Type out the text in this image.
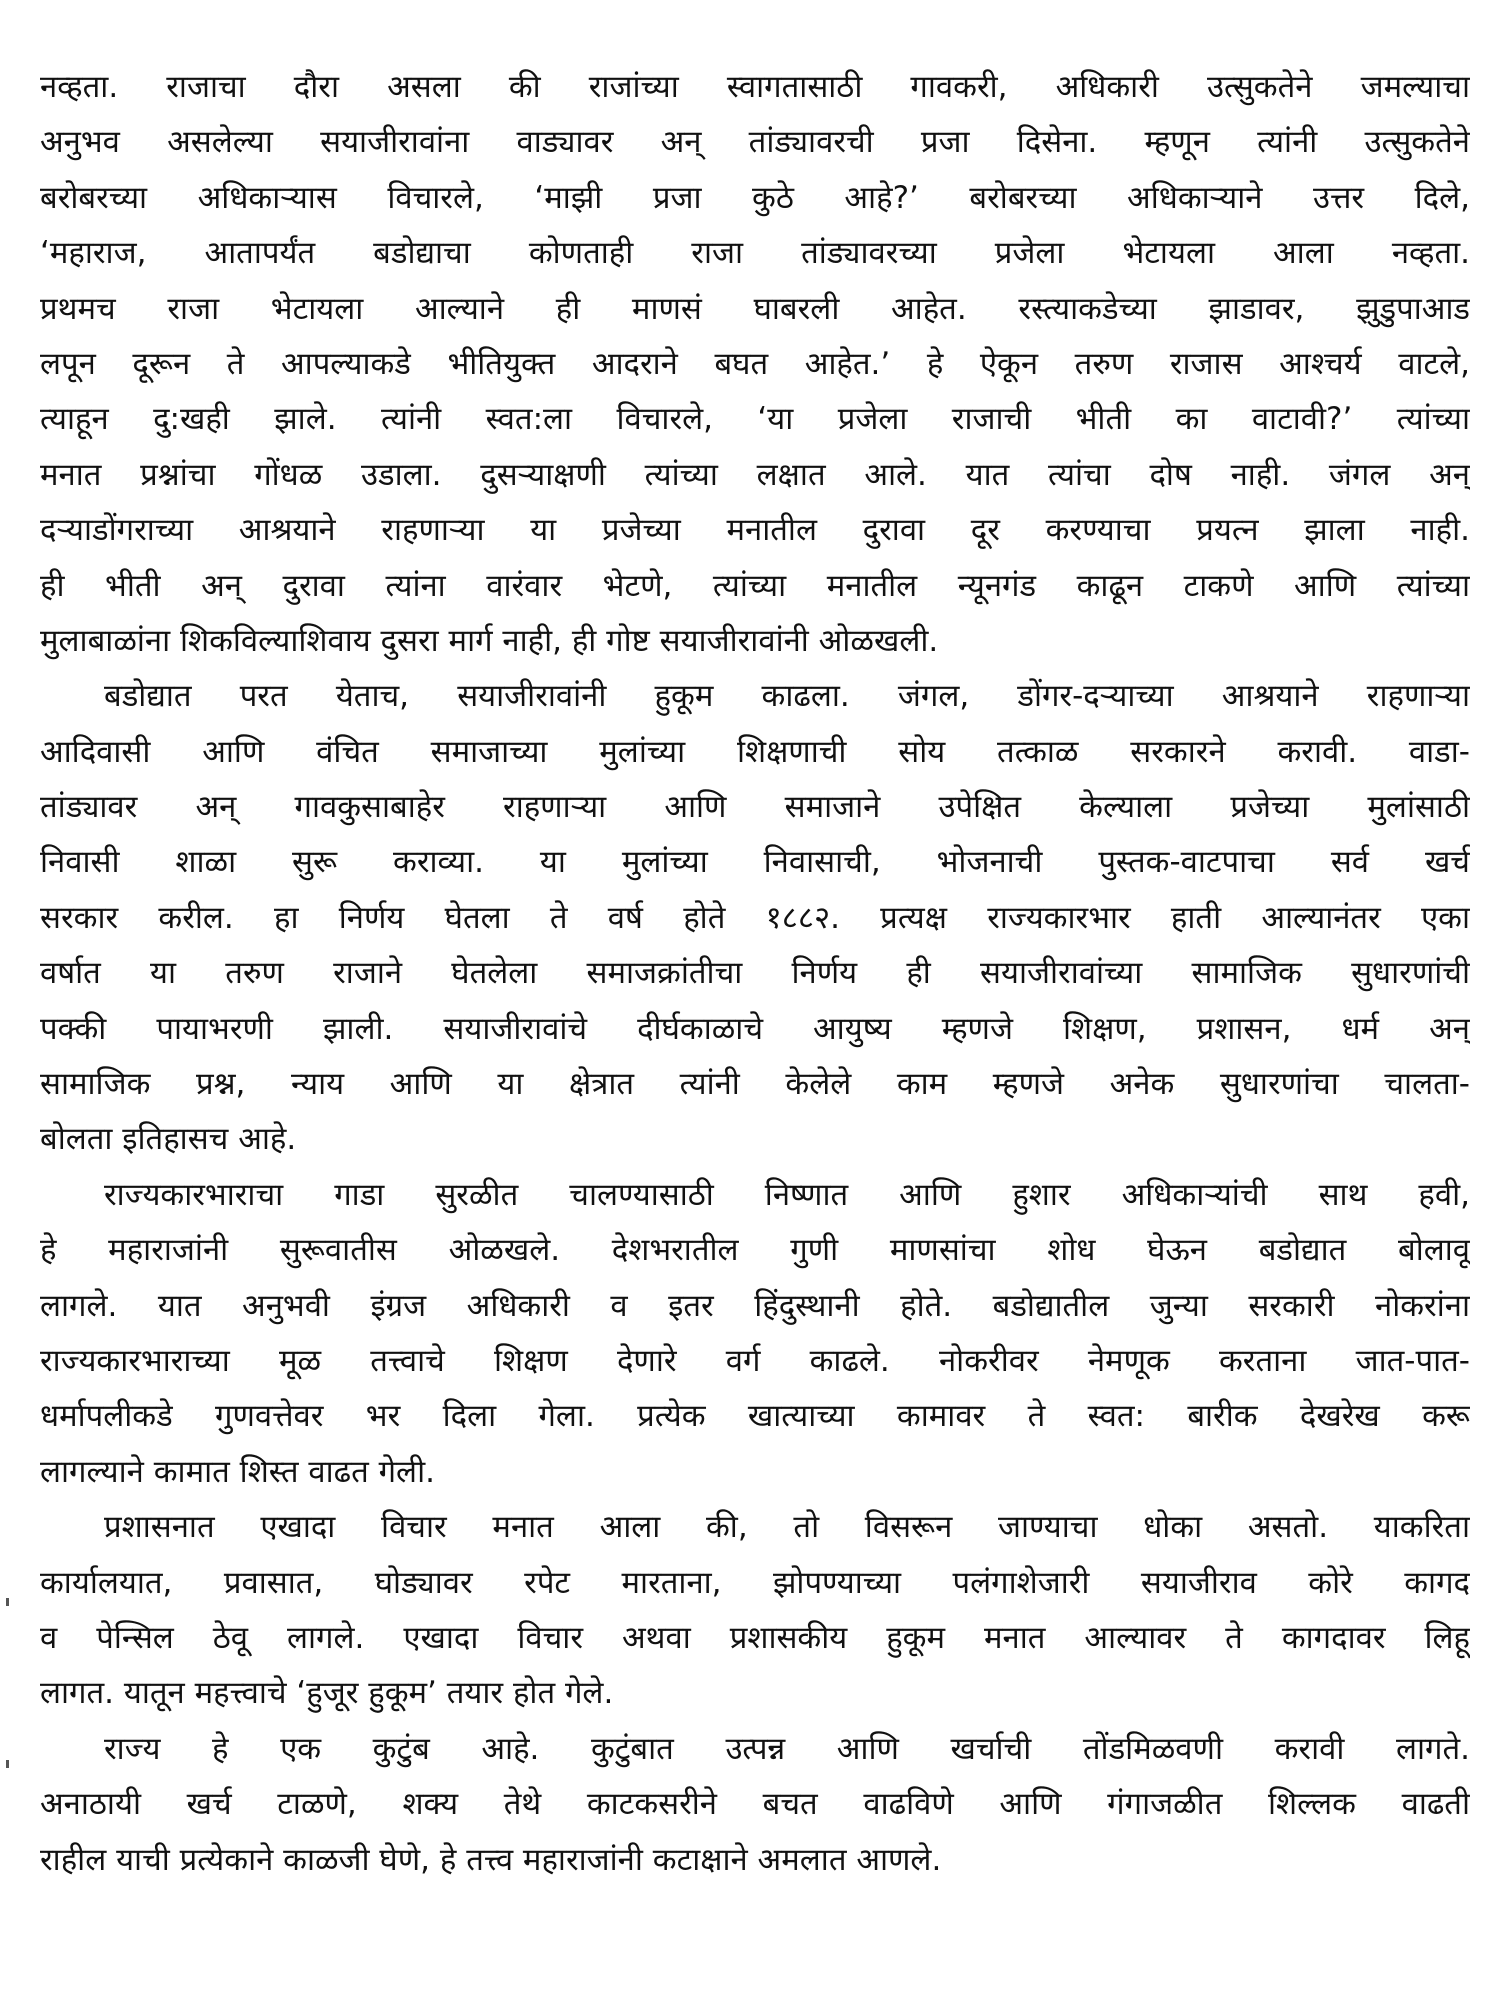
नव्हता. राजाचा दौरा असला की राजांच्या स्वागतासाठी गावकरी, अधिकारी उत्सुकतेने जमल्याचा
अनुभव असलेल्या सयाजीरावांना वाड्यावर अन् तांड्यावरची प्रजा दिसेना. म्हणून त्यांनी उत्सुकतेने
बरोबरच्या अधिकाऱ्यास विचारले, ‘माझी प्रजा कुठे आहे?’ बरोबरच्या अधिकाऱ्याने उत्तर दिले,
‘महाराज, आतापर्यंत बडोद्याचा कोणताही राजा तांड्यावरच्या प्रजेला भेटायला आला नव्हता.
प्रथमच राजा भेटायला आल्याने ही माणसं घाबरली आहेत. रस्त्याकडेच्या झाडावर, झुडुपाआड
लपून दूरून ते आपल्याकडे भीतियुक्त आदराने बघत आहेत.’ हे ऐकून तरुण राजास आश्चर्य वाटले,
त्याहून दु:खही झाले. त्यांनी स्वत:ला विचारले, ‘या प्रजेला राजाची भीती का वाटावी?’ त्यांच्या
मनात प्रश्नांचा गोंधळ उडाला. दुसऱ्याक्षणी त्यांच्या लक्षात आले. यात त्यांचा दोष नाही. जंगल अन्
दऱ्याडोंगराच्या आश्रयाने राहणाऱ्या या प्रजेच्या मनातील दुरावा दूर करण्याचा प्रयत्न झाला नाही.
ही भीती अन् दुरावा त्यांना वारंवार भेटणे, त्यांच्या मनातील न्यूनगंड काढून टाकणे आणि त्यांच्या
मुलाबाळांना शिकविल्याशिवाय दुसरा मार्ग नाही, ही गोष्ट सयाजीरावांनी ओळखली.
बडोद्यात परत येताच, सयाजीरावांनी हुकूम काढला. जंगल, डोंगर-दऱ्याच्या आश्रयाने राहणाऱ्या
आदिवासी आणि वंचित समाजाच्या मुलांच्या शिक्षणाची सोय तत्काळ सरकारने करावी. वाडा-
तांड्यावर अन् गावकुसाबाहेर राहणाऱ्या आणि समाजाने उपेक्षित केल्याला प्रजेच्या मुलांसाठी
निवासी शाळा सुरू कराव्या. या मुलांच्या निवासाची, भोजनाची पुस्तक-वाटपाचा सर्व खर्च
सरकार करील. हा निर्णय घेतला ते वर्ष होते १८८२. प्रत्यक्ष राज्यकारभार हाती आल्यानंतर एका
वर्षात या तरुण राजाने घेतलेला समाजक्रांतीचा निर्णय ही सयाजीरावांच्या सामाजिक सुधारणांची
पक्की पायाभरणी झाली. सयाजीरावांचे दीर्घकाळाचे आयुष्य म्हणजे शिक्षण, प्रशासन, धर्म अन्
सामाजिक प्रश्न, न्याय आणि या क्षेत्रात त्यांनी केलेले काम म्हणजे अनेक सुधारणांचा चालता-
बोलता इतिहासच आहे.
राज्यकारभाराचा गाडा सुरळीत चालण्यासाठी निष्णात आणि हुशार अधिकाऱ्यांची साथ हवी,
हे महाराजांनी सुरूवातीस ओळखले. देशभरातील गुणी माणसांचा शोध घेऊन बडोद्यात बोलावू
लागले. यात अनुभवी इंग्रज अधिकारी व इतर हिंदुस्थानी होते. बडोद्यातील जुन्या सरकारी नोकरांना
राज्यकारभाराच्या मूळ तत्त्वाचे शिक्षण देणारे वर्ग काढले. नोकरीवर नेमणूक करताना जात-पात-
धर्मापलीकडे गुणवत्तेवर भर दिला गेला. प्रत्येक खात्याच्या कामावर ते स्वत: बारीक देखरेख करू
लागल्याने कामात शिस्त वाढत गेली.
प्रशासनात एखादा विचार मनात आला की, तो विसरून जाण्याचा धोका असतो. याकरिता
कार्यालयात, प्रवासात, घोड्यावर रपेट मारताना, झोपण्याच्या पलंगाशेजारी सयाजीराव कोरे कागद
व पेन्सिल ठेवू लागले. एखादा विचार अथवा प्रशासकीय हुकूम मनात आल्यावर ते कागदावर लिहू
लागत. यातून महत्त्वाचे ‘हुजूर हुकूम’ तयार होत गेले.
राज्य हे एक कुटुंब आहे. कुटुंबात उत्पन्न आणि खर्चाची तोंडमिळवणी करावी लागते.
अनाठायी खर्च टाळणे, शक्य तेथे काटकसरीने बचत वाढविणे आणि गंगाजळीत शिल्लक वाढती
राहील याची प्रत्येकाने काळजी घेणे, हे तत्त्व महाराजांनी कटाक्षाने अमलात आणले.
